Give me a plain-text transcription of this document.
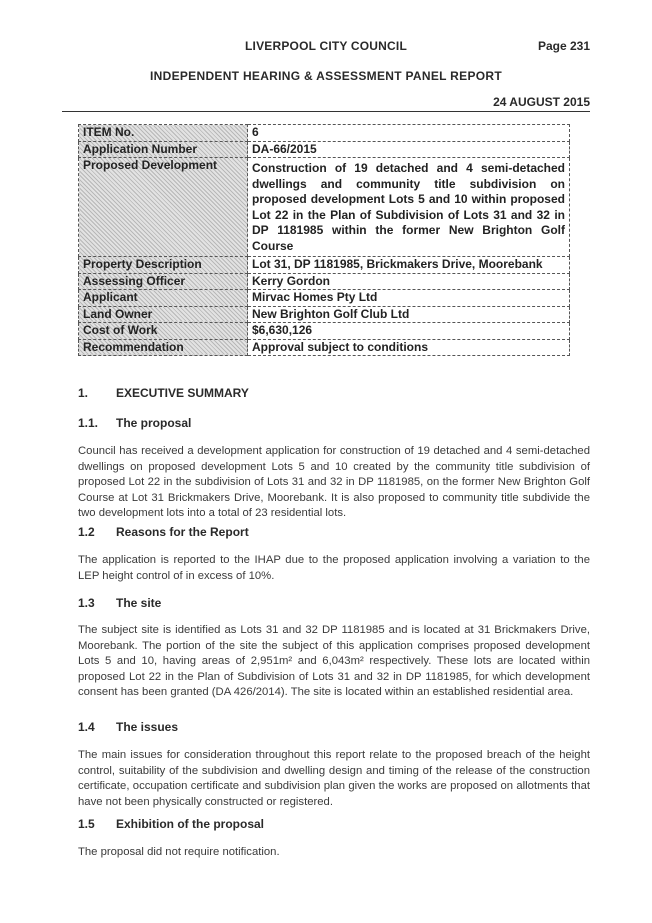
LIVERPOOL CITY COUNCIL	Page 231
INDEPENDENT HEARING & ASSESSMENT PANEL REPORT
24 AUGUST 2015
ITEM No.	6
Application Number	DA-66/2015
Proposed Development	Construction of 19 detached and 4 semi-detached dwellings and community title subdivision on proposed development Lots 5 and 10 within proposed Lot 22 in the Plan of Subdivision of Lots 31 and 32 in DP 1181985 within the former New Brighton Golf Course
Property Description	Lot 31, DP 1181985, Brickmakers Drive, Moorebank
Assessing Officer	Kerry Gordon
Applicant	Mirvac Homes Pty Ltd
Land Owner	New Brighton Golf Club Ltd
Cost of Work	$6,630,126
Recommendation	Approval subject to conditions
1. EXECUTIVE SUMMARY
1.1. The proposal
Council has received a development application for construction of 19 detached and 4 semi-detached dwellings on proposed development Lots 5 and 10 created by the community title subdivision of proposed Lot 22 in the subdivision of Lots 31 and 32 in DP 1181985, on the former New Brighton Golf Course at Lot 31 Brickmakers Drive, Moorebank. It is also proposed to community title subdivide the two development lots into a total of 23 residential lots.
1.2 Reasons for the Report
The application is reported to the IHAP due to the proposed application involving a variation to the LEP height control of in excess of 10%.
1.3 The site
The subject site is identified as Lots 31 and 32 DP 1181985 and is located at 31 Brickmakers Drive, Moorebank. The portion of the site the subject of this application comprises proposed development Lots 5 and 10, having areas of 2,951m² and 6,043m² respectively. These lots are located within proposed Lot 22 in the Plan of Subdivision of Lots 31 and 32 in DP 1181985, for which development consent has been granted (DA 426/2014). The site is located within an established residential area.
1.4 The issues
The main issues for consideration throughout this report relate to the proposed breach of the height control, suitability of the subdivision and dwelling design and timing of the release of the construction certificate, occupation certificate and subdivision plan given the works are proposed on allotments that have not been physically constructed or registered.
1.5 Exhibition of the proposal
The proposal did not require notification.
